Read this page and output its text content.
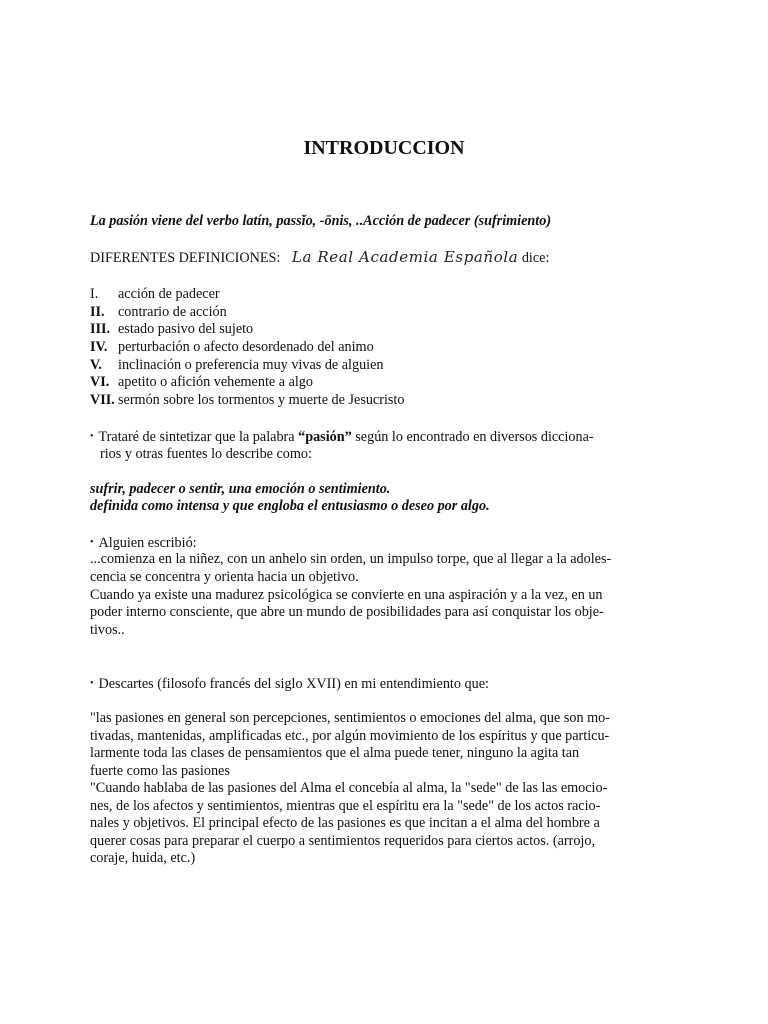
INTRODUCCION
La pasión viene del verbo latín, passĭo, -ōnis, ..Acción de padecer (sufrimiento)
DIFERENTES DEFINICIONES: La Real Academia Española dice:
I. acción de padecer
II. contrario de acción
III. estado pasivo del sujeto
IV. perturbación o afecto desordenado del animo
V. inclinación o preferencia muy vivas de alguien
VI. apetito o afición vehemente a algo
VII. sermón sobre los tormentos y muerte de Jesucristo
• Trataré de sintetizar que la palabra “pasión” según lo encontrado en diversos dicciona-
rios y otras fuentes lo describe como:
sufrir, padecer o sentir, una emoción o sentimiento.
definida como intensa y que engloba el entusiasmo o deseo por algo.
• Alguien escribió:
...comienza en la niñez, con un anhelo sin orden, un impulso torpe, que al llegar a la adoles-
cencia se concentra y orienta hacia un objetivo.
Cuando ya existe una madurez psicológica se convierte en una aspiración y a la vez, en un
poder interno consciente, que abre un mundo de posibilidades para así conquistar los obje-
tivos..
• Descartes (filosofo francés del siglo XVII) en mi entendimiento que:
"las pasiones en general son percepciones, sentimientos o emociones del alma, que son mo-
tivadas, mantenidas, amplificadas etc., por algún movimiento de los espíritus y que particu-
larmente toda las clases de pensamientos que el alma puede tener, ninguno la agita tan
fuerte como las pasiones
"Cuando hablaba de las pasiones del Alma el concebía al alma, la "sede" de las las emocio-
nes, de los afectos y sentimientos, mientras que el espíritu era la "sede" de los actos racio-
nales y objetivos. El principal efecto de las pasiones es que incitan a el alma del hombre a
querer cosas para preparar el cuerpo a sentimientos requeridos para ciertos actos. (arrojo,
coraje, huida, etc.)
